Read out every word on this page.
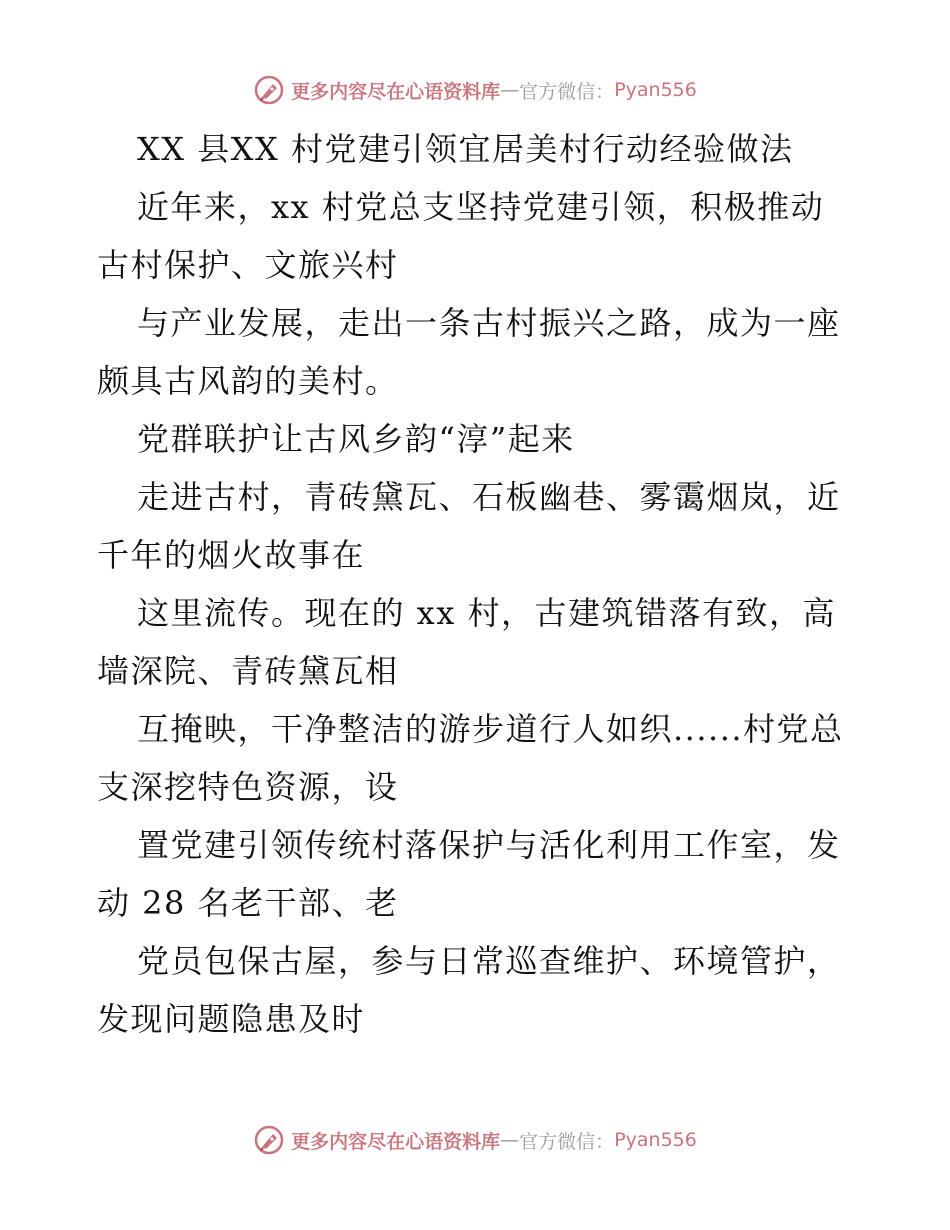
更多内容尽在心语资料库 — 官方微信： Pyan556

XX 县XX 村党建引领宜居美村行动经验做法

近年来，xx 村党总支坚持党建引领，积极推动古村保护、文旅兴村

与产业发展，走出一条古村振兴之路，成为一座颇具古风韵的美村。

党群联护让古风乡韵“淳”起来

走进古村，青砖黛瓦、石板幽巷、雾霭烟岚，近千年的烟火故事在

这里流传。现在的 xx 村，古建筑错落有致，高墙深院、青砖黛瓦相

互掩映，干净整洁的游步道行人如织......村党总支深挖特色资源，设

置党建引领传统村落保护与活化利用工作室，发动 28 名老干部、老

党员包保古屋，参与日常巡查维护、环境管护，发现问题隐患及时

更多内容尽在心语资料库 — 官方微信： Pyan556
